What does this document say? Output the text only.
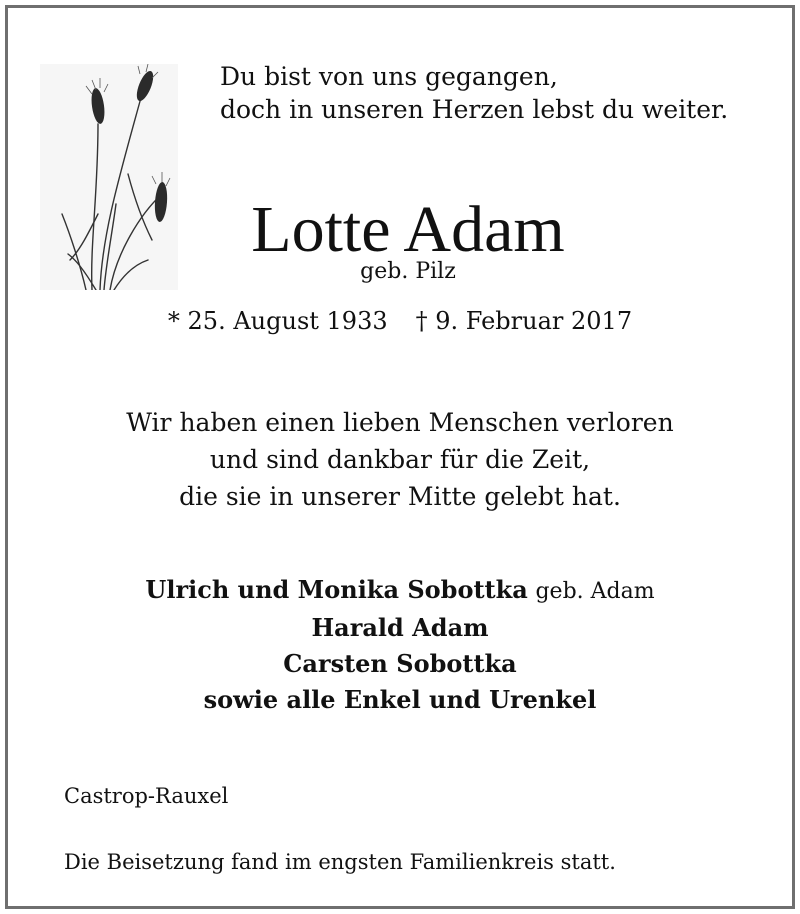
Du bist von uns gegangen,
doch in unseren Herzen lebst du weiter.

Lotte Adam
geb. Pilz
* 25. August 1933 † 9. Februar 2017

Wir haben einen lieben Menschen verloren
und sind dankbar für die Zeit,
die sie in unserer Mitte gelebt hat.

Ulrich und Monika Sobottka geb. Adam
Harald Adam
Carsten Sobottka
sowie alle Enkel und Urenkel
Castrop-Rauxel
Die Beisetzung fand im engsten Familienkreis statt.
